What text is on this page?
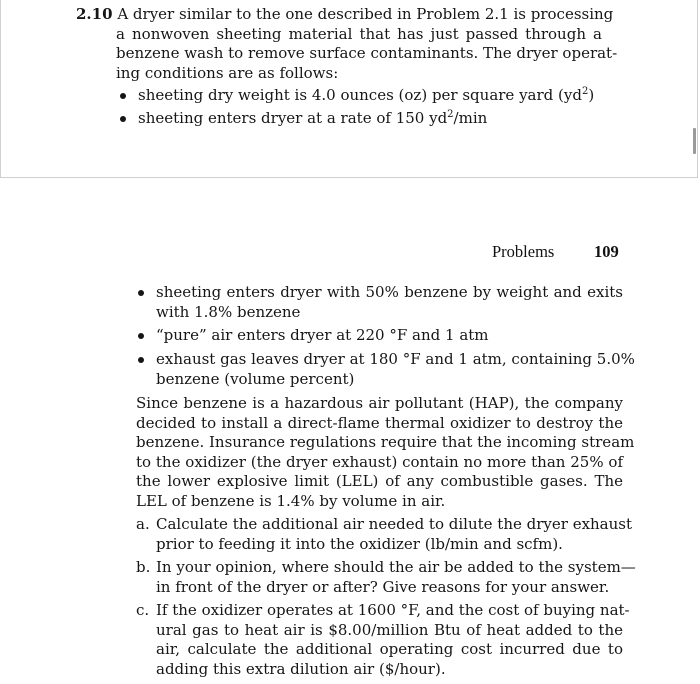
2.10 A dryer similar to the one described in Problem 2.1 is processing
a nonwoven sheeting material that has just passed through a
benzene wash to remove surface contaminants. The dryer operat-
ing conditions are as follows:
sheeting dry weight is 4.0 ounces (oz) per square yard $(yd^2)$
sheeting enters dryer at a rate of 150 $yd^2/\min$
Problems 109
sheeting enters dryer with 50% benzene by weight and exits
with 1.8% benzene
“pure” air enters dryer at 220 °F and 1 atm
exhaust gas leaves dryer at 180 °F and 1 atm, containing 5.0%
benzene (volume percent)
Since benzene is a hazardous air pollutant (HAP), the company
decided to install a direct-flame thermal oxidizer to destroy the
benzene. Insurance regulations require that the incoming stream
to the oxidizer (the dryer exhaust) contain no more than 25% of
the lower explosive limit (LEL) of any combustible gases. The
LEL of benzene is 1.4% by volume in air.
a. Calculate the additional air needed to dilute the dryer exhaust
prior to feeding it into the oxidizer (lb/min and scfm).
b. In your opinion, where should the air be added to the system—
in front of the dryer or after? Give reasons for your answer.
c. If the oxidizer operates at 1600 °F, and the cost of buying nat-
ural gas to heat air is $8.00/million Btu of heat added to the
air, calculate the additional operating cost incurred due to
adding this extra dilution air ($/hour).
